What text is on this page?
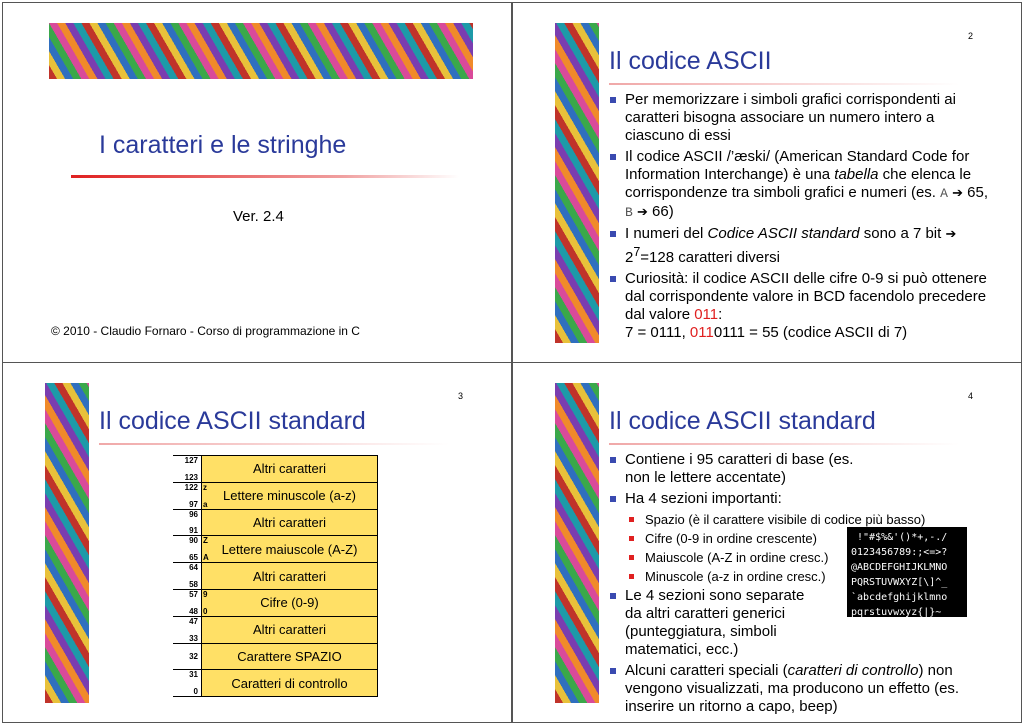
I caratteri e le stringhe
Ver. 2.4
© 2010 - Claudio Fornaro - Corso di programmazione in C
2
Il codice ASCII
Per memorizzare i simboli grafici corrispondenti ai caratteri bisogna associare un numero intero a ciascuno di essi
Il codice ASCII /’æski/ (American Standard Code for Information Interchange) è una tabella che elenca le corrispondenze tra simboli grafici e numeri (es. A ➔ 65, B ➔ 66)
I numeri del Codice ASCII standard sono a 7 bit ➔ $2^7=128$ caratteri diversi
Curiosità: il codice ASCII delle cifre 0-9 si può ottenere dal corrispondente valore in BCD facendolo precedere dal valore 011:
7 = 0111, 0110111 = 55 (codice ASCII di 7)
3
Il codice ASCII standard
127
123
Altri caratteri
122
97
Lettere minuscole (a-z)
z
a
96
91
Altri caratteri
90
65
Lettere maiuscole (A-Z)
Z
A
64
58
Altri caratteri
57
48
Cifre (0-9)
9
0
47
33
Altri caratteri
32	Carattere SPAZIO
31
0
Caratteri di controllo
4
Il codice ASCII standard
Contiene i 95 caratteri di base (es. non le lettere accentate)
Ha 4 sezioni importanti:
Spazio (è il carattere visibile di codice più basso)
Cifre (0-9 in ordine crescente)
Maiuscole (A-Z in ordine cresc.)
Minuscole (a-z in ordine cresc.)
Le 4 sezioni sono separate da altri caratteri generici (punteggiatura, simboli matematici, ecc.)
Alcuni caratteri speciali (caratteri di controllo) non vengono visualizzati, ma producono un effetto (es. inserire un ritorno a capo, beep)
!"#$%&'()*+,-./
0123456789:;<=>?
@ABCDEFGHIJKLMNO
PQRSTUVWXYZ[\]^_
`abcdefghijklmno
pqrstuvwxyz{|}~
